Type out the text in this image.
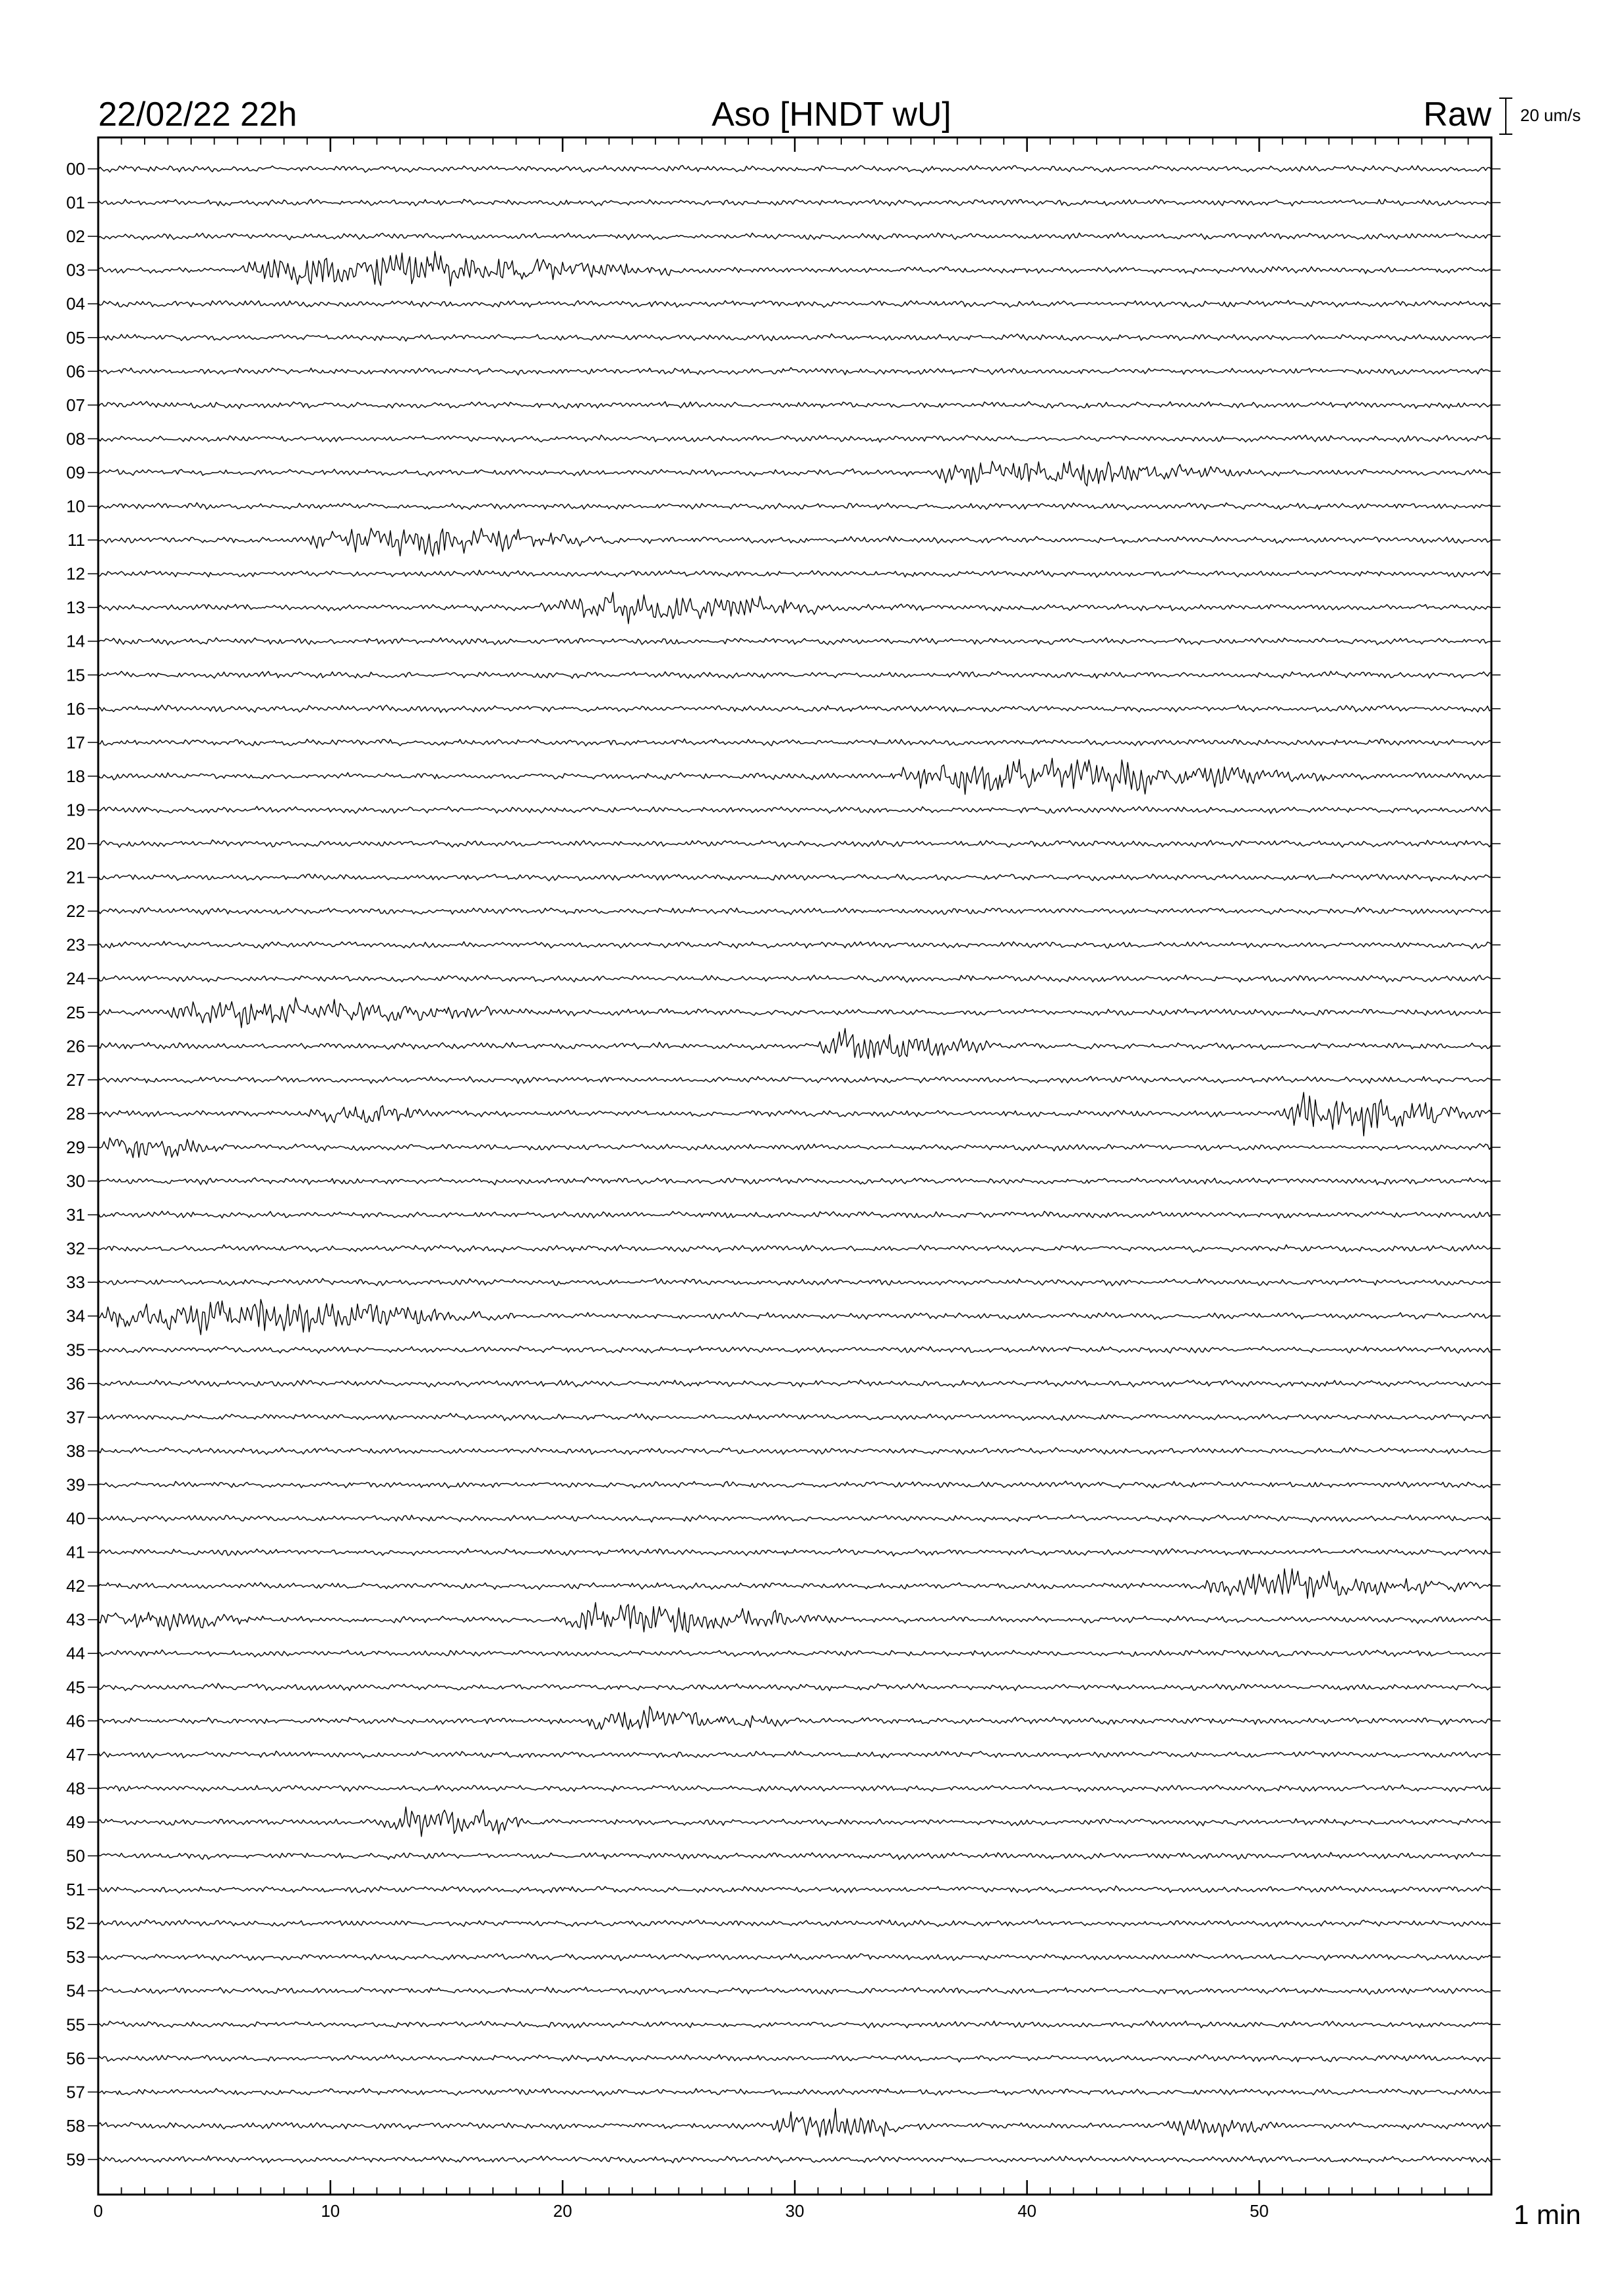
22/02/22 22h	Aso [HNDT wU]	Raw 20 um/s
00
01
02
03
04
05
06
07
08
09
10
11
12
13
14
15
16
17
18
19
20
21
22
23
24
25
26
27
28
29
30
31
32
33
34
35
36
37
38
39
40
41
42
43
44
45
46
47
48
49
50
51
52
53
54
55
56
57
58
59
0	10	20	30	40	50	1 min
